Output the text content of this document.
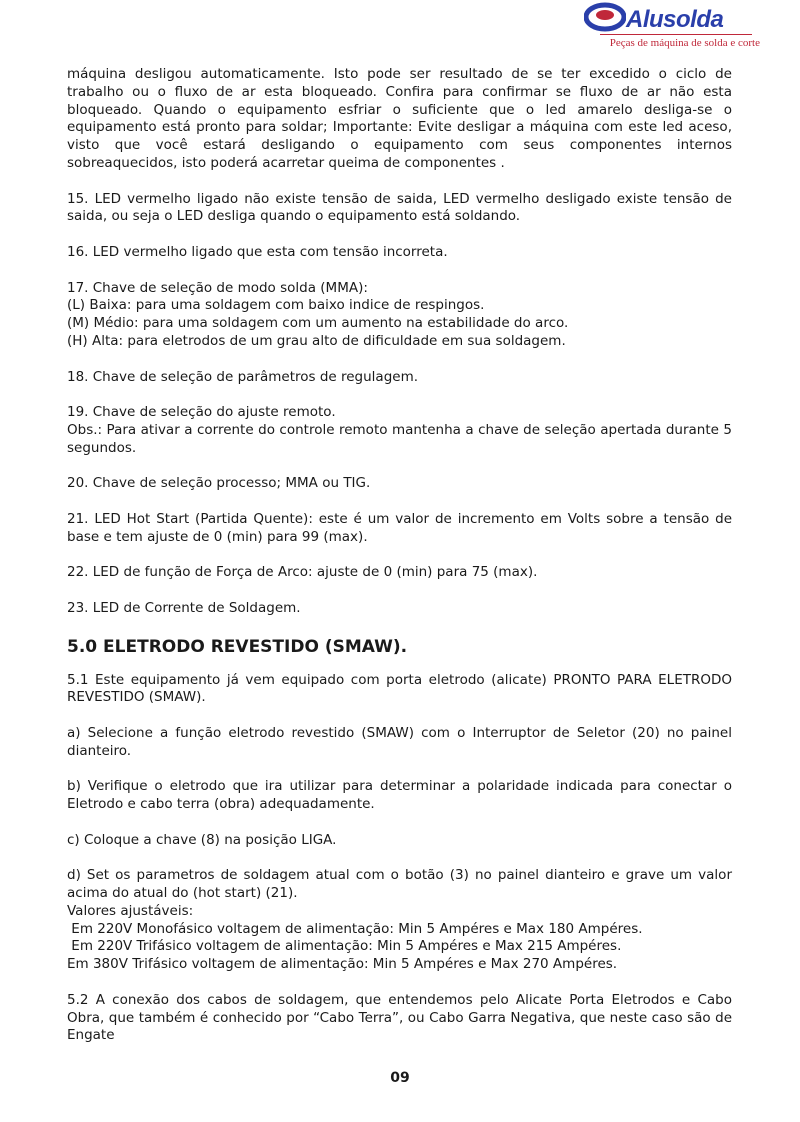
Alusolda
Peças de máquina de solda e corte

máquina desligou automaticamente. Isto pode ser resultado de se ter excedido o ciclo de trabalho ou o fluxo de ar esta bloqueado. Confira para confirmar se fluxo de ar não esta bloqueado. Quando o equipamento esfriar o suficiente que o led amarelo desliga-se o equipamento está pronto para soldar; Importante: Evite desligar a máquina com este led aceso, visto que você estará desligando o equipamento com seus componentes internos sobreaquecidos, isto poderá acarretar queima de componentes .

15. LED vermelho ligado não existe tensão de saida, LED vermelho desligado existe tensão de saida, ou seja o LED desliga quando o equipamento está soldando.

16. LED vermelho ligado que esta com tensão incorreta.

17. Chave de seleção de modo solda (MMA):
(L) Baixa: para uma soldagem com baixo indice de respingos.
(M) Médio: para uma soldagem com um aumento na estabilidade do arco.
(H) Alta: para eletrodos de um grau alto de dificuldade em sua soldagem.

18. Chave de seleção de parâmetros de regulagem.

19. Chave de seleção do ajuste remoto.
Obs.: Para ativar a corrente do controle remoto mantenha a chave de seleção apertada durante 5 segundos.

20. Chave de seleção processo; MMA ou TIG.

21. LED Hot Start (Partida Quente): este é um valor de incremento em Volts sobre a tensão de base e tem ajuste de 0 (min) para 99 (max).

22. LED de função de Força de Arco: ajuste de 0 (min) para 75 (max).

23. LED de Corrente de Soldagem.

5.0 ELETRODO REVESTIDO (SMAW).

5.1 Este equipamento já vem equipado com porta eletrodo (alicate) PRONTO PARA ELETRODO REVESTIDO (SMAW).

a) Selecione a função eletrodo revestido (SMAW) com o Interruptor de Seletor (20) no painel dianteiro.

b) Verifique o eletrodo que ira utilizar para determinar a polaridade indicada para conectar o Eletrodo e cabo terra (obra) adequadamente.

c) Coloque a chave (8) na posição LIGA.

d) Set os parametros de soldagem atual com o botão (3) no painel dianteiro e grave um valor acima do atual do (hot start) (21).
Valores ajustáveis:
Em 220V Monofásico voltagem de alimentação: Min 5 Ampéres e Max 180 Ampéres.
Em 220V Trifásico voltagem de alimentação: Min 5 Ampéres e Max 215 Ampéres.
Em 380V Trifásico voltagem de alimentação: Min 5 Ampéres e Max 270 Ampéres.

5.2 A conexão dos cabos de soldagem, que entendemos pelo Alicate Porta Eletrodos e Cabo Obra, que também é conhecido por “Cabo Terra”, ou Cabo Garra Negativa, que neste caso são de Engate

09
